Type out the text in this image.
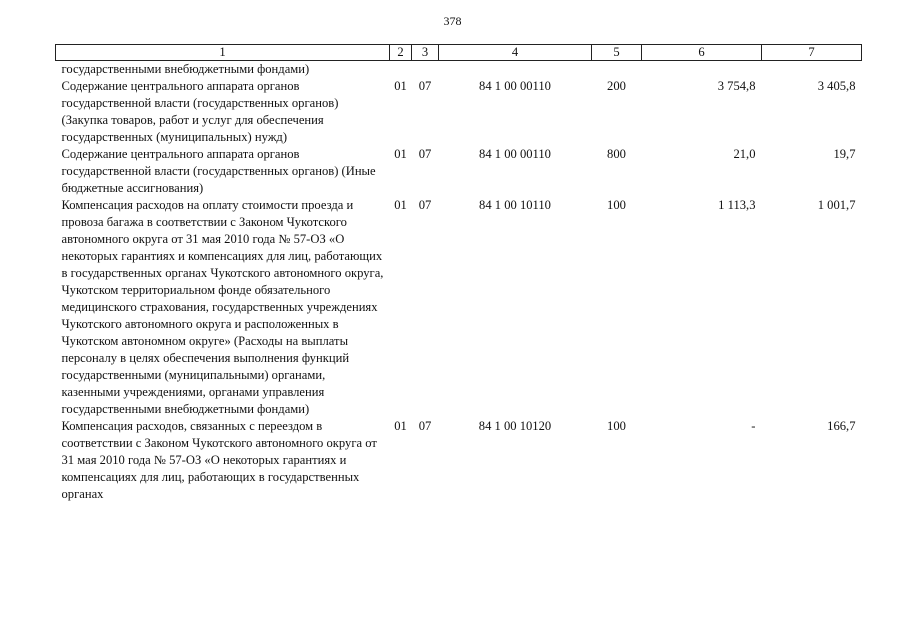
378
1	2	3	4	5	6	7
государственными внебюджетными фондами)						
Содержание центрального аппарата органов государственной власти (государственных органов) (Закупка товаров, работ и услуг для обеспечения государственных (муниципальных) нужд)	01	07	84 1 00 00110	200	3 754,8	3 405,8
Содержание центрального аппарата органов государственной власти (государственных органов) (Иные бюджетные ассигнования)	01	07	84 1 00 00110	800	21,0	19,7
Компенсация расходов на оплату стоимости проезда и провоза багажа в соответствии с Законом Чукотского автономного округа от 31 мая 2010 года № 57-ОЗ «О некоторых гарантиях и компенсациях для лиц, работающих в государственных органах Чукотского автономного округа, Чукотском территориальном фонде обязательного медицинского страхования, государственных учреждениях Чукотского автономного округа и расположенных в Чукотском автономном округе» (Расходы на выплаты персоналу в целях обеспечения выполнения функций государственными (муниципальными) органами, казенными учреждениями, органами управления государственными внебюджетными фондами)	01	07	84 1 00 10110	100	1 113,3	1 001,7
Компенсация расходов, связанных с переездом в соответствии с Законом Чукотского автономного округа от 31 мая 2010 года № 57-ОЗ «О некоторых гарантиях и компенсациях для лиц, работающих в государственных органах	01	07	84 1 00 10120	100	-	166,7
